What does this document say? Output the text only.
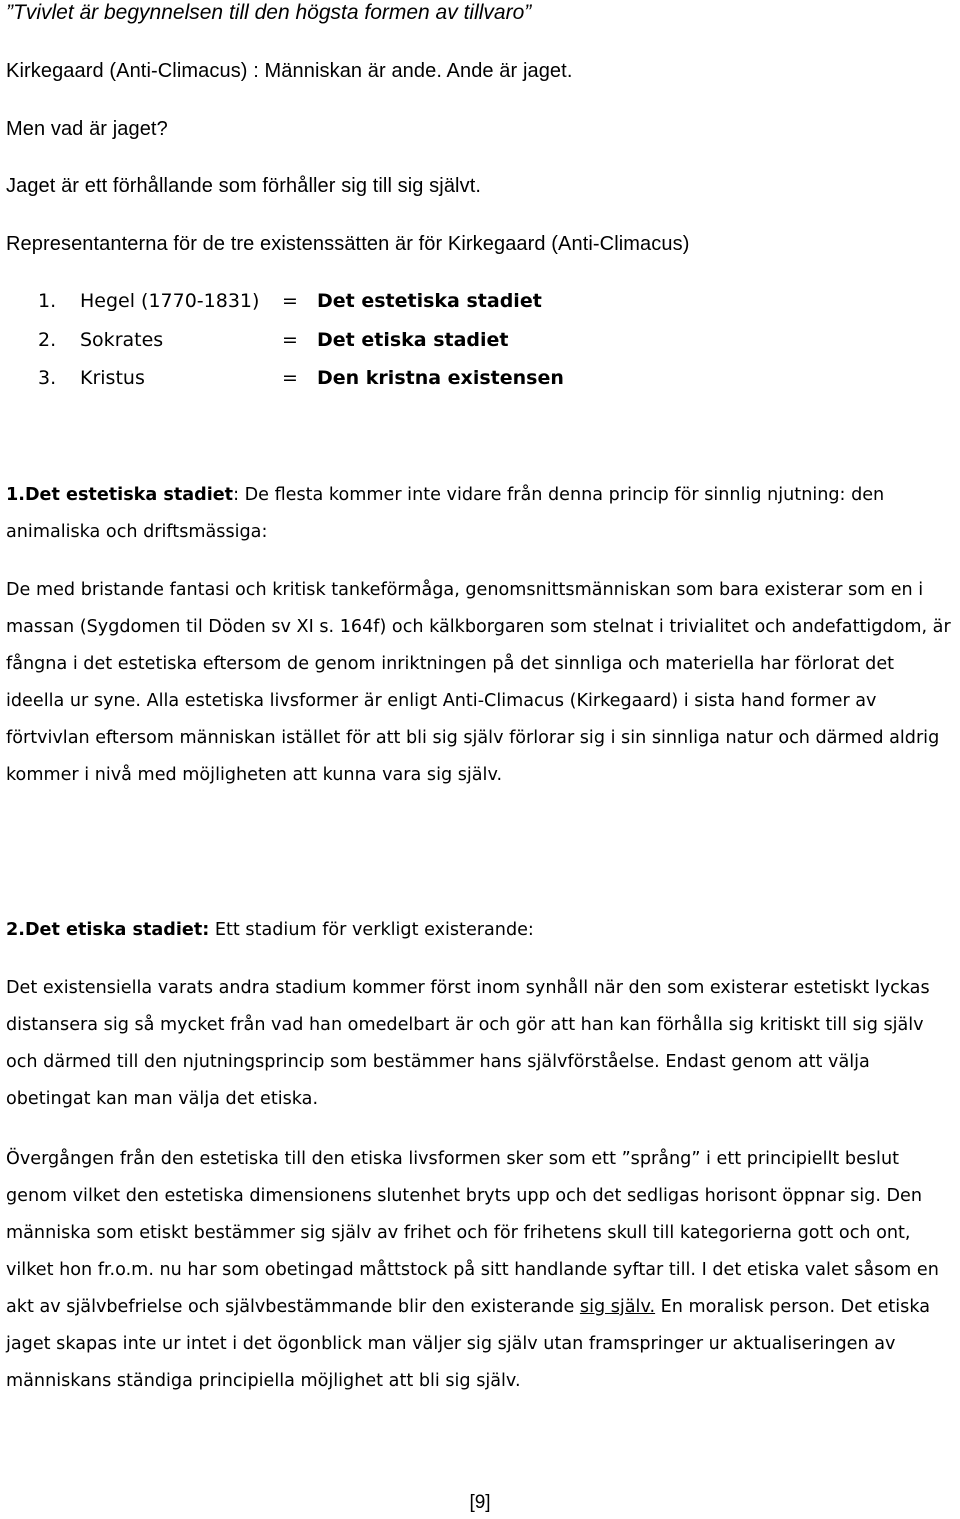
”Tvivlet är begynnelsen till den högsta formen av tillvaro”

Kirkegaard (Anti-Climacus) : Människan är ande. Ande är jaget.

Men vad är jaget?

Jaget är ett förhållande som förhåller sig till sig självt.

Representanterna för de tre existenssätten är för Kirkegaard (Anti-Climacus)

1. Hegel (1770-1831) = Det estetiska stadiet
2. Sokrates	= Det etiska stadiet
3. Kristus	= Den kristna existensen

1.Det estetiska stadiet: De flesta kommer inte vidare från denna princip för sinnlig njutning: den animaliska och driftsmässiga:

De med bristande fantasi och kritisk tankeförmåga, genomsnittsmänniskan som bara existerar som en i massan (Sygdomen til Döden sv XI s. 164f) och kälkborgaren som stelnat i trivialitet och andefattigdom, är fångna i det estetiska eftersom de genom inriktningen på det sinnliga och materiella har förlorat det ideella ur syne. Alla estetiska livsformer är enligt Anti-Climacus (Kirkegaard) i sista hand former av förtvivlan eftersom människan istället för att bli sig själv förlorar sig i sin sinnliga natur och därmed aldrig kommer i nivå med möjligheten att kunna vara sig själv.

2.Det etiska stadiet: Ett stadium för verkligt existerande:

Det existensiella varats andra stadium kommer först inom synhåll när den som existerar estetiskt lyckas distansera sig så mycket från vad han omedelbart är och gör att han kan förhålla sig kritiskt till sig själv och därmed till den njutningsprincip som bestämmer hans självförståelse. Endast genom att välja obetingat kan man välja det etiska.

Övergången från den estetiska till den etiska livsformen sker som ett ”språng” i ett principiellt beslut genom vilket den estetiska dimensionens slutenhet bryts upp och det sedligas horisont öppnar sig. Den människa som etiskt bestämmer sig själv av frihet och för frihetens skull till kategorierna gott och ont, vilket hon fr.o.m. nu har som obetingad måttstock på sitt handlande syftar till. I det etiska valet såsom en akt av självbefrielse och självbestämmande blir den existerande sig själv. En moralisk person. Det etiska jaget skapas inte ur intet i det ögonblick man väljer sig själv utan framspringer ur aktualiseringen av människans ständiga principiella möjlighet att bli sig själv.

[9]
